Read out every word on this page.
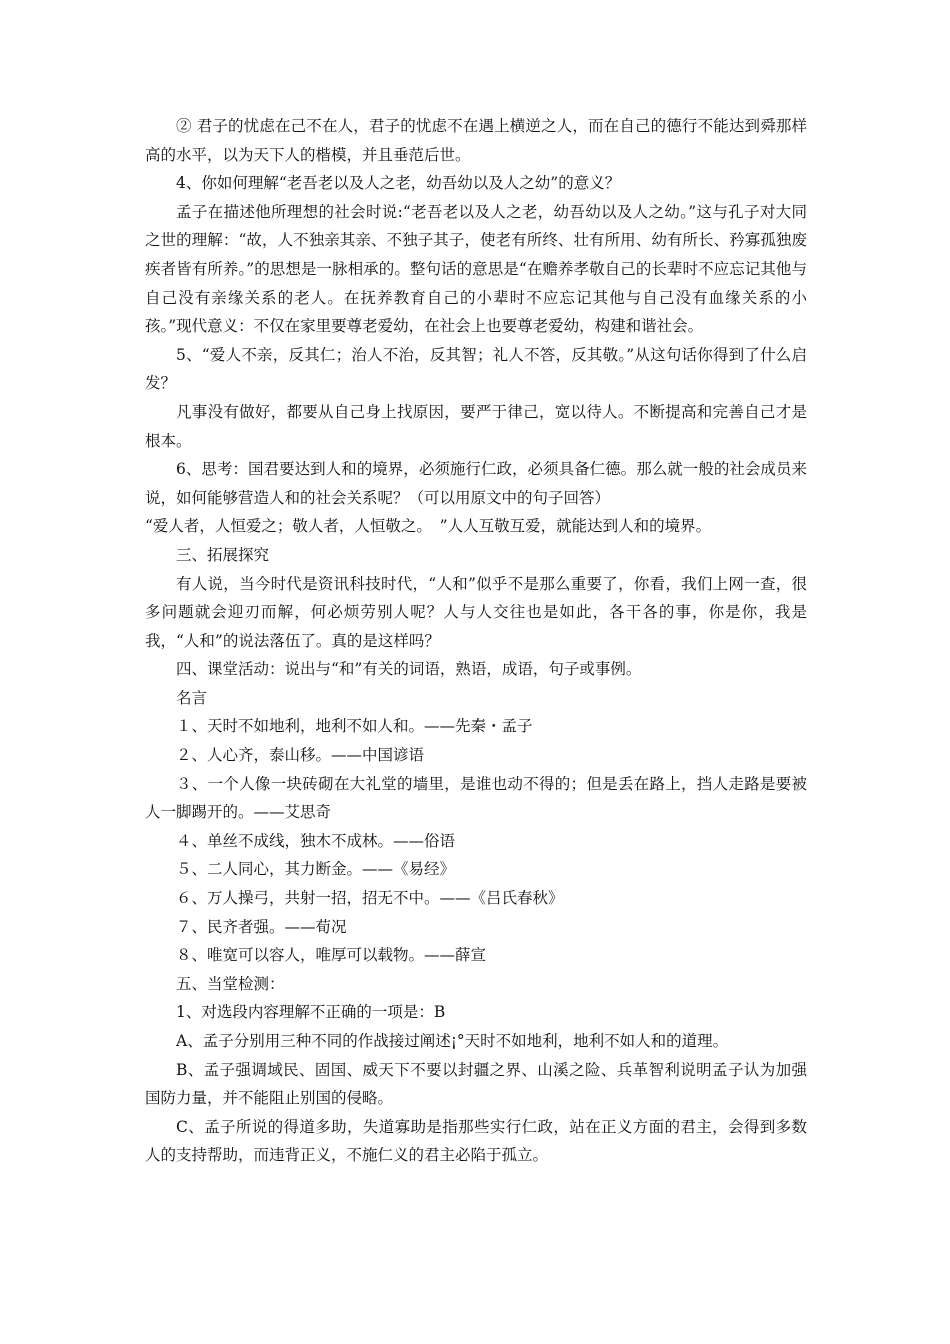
② 君子的忧虑在己不在人，君子的忧虑不在遇上横逆之人，而在自己的德行不能达到舜那样高的水平，以为天下人的楷模，并且垂范后世。

4、你如何理解“老吾老以及人之老，幼吾幼以及人之幼”的意义？

孟子在描述他所理想的社会时说:“老吾老以及人之老，幼吾幼以及人之幼。”这与孔子对大同之世的理解：“故，人不独亲其亲、不独子其子，使老有所终、壮有所用、幼有所长、矜寡孤独废疾者皆有所养。”的思想是一脉相承的。整句话的意思是“在赡养孝敬自己的长辈时不应忘记其他与自己没有亲缘关系的老人。在抚养教育自己的小辈时不应忘记其他与自己没有血缘关系的小孩。”现代意义：不仅在家里要尊老爱幼，在社会上也要尊老爱幼，构建和谐社会。

5、“爱人不亲，反其仁；治人不治，反其智；礼人不答，反其敬。”从这句话你得到了什么启发？

凡事没有做好，都要从自己身上找原因，要严于律己，宽以待人。不断提高和完善自己才是根本。

6、思考：国君要达到人和的境界，必须施行仁政，必须具备仁德。那么就一般的社会成员来说，如何能够营造人和的社会关系呢？（可以用原文中的句子回答）

“爱人者，人恒爱之；敬人者，人恒敬之。　”人人互敬互爱，就能达到人和的境界。

三、拓展探究

有人说，当今时代是资讯科技时代，“人和”似乎不是那么重要了，你看，我们上网一查，很多问题就会迎刃而解，何必烦劳别人呢？人与人交往也是如此，各干各的事，你是你，我是我，“人和”的说法落伍了。真的是这样吗？

四、课堂活动：说出与“和”有关的词语，熟语，成语，句子或事例。

名言

１、天时不如地利，地利不如人和。——先秦・孟子

２、人心齐，泰山移。——中国谚语

３、一个人像一块砖砌在大礼堂的墙里，是谁也动不得的；但是丢在路上，挡人走路是要被人一脚踢开的。——艾思奇

４、单丝不成线，独木不成林。——俗语

５、二人同心，其力断金。——《易经》

６、万人操弓，共射一招，招无不中。——《吕氏春秋》

７、民齐者强。——荀况

８、唯宽可以容人，唯厚可以载物。——薛宣

五、当堂检测：

1、对选段内容理解不正确的一项是：B

A、孟子分别用三种不同的作战接过阐述¡°天时不如地利，地利不如人和的道理。

B、孟子强调域民、固国、威天下不要以封疆之界、山溪之险、兵革智利说明孟子认为加强国防力量，并不能阻止别国的侵略。

C、孟子所说的得道多助，失道寡助是指那些实行仁政，站在正义方面的君主，会得到多数人的支持帮助，而违背正义，不施仁义的君主必陷于孤立。
